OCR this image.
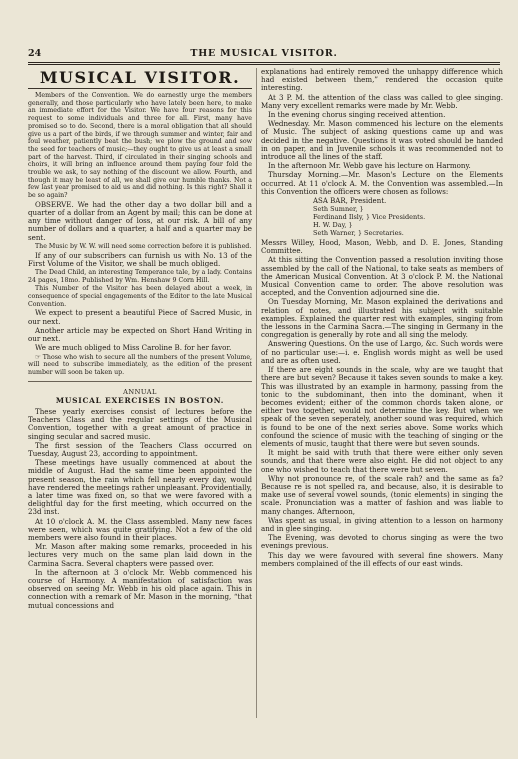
24	THE MUSICAL VISITOR.
MUSICAL VISITOR.

Members of the Convention. We do earnestly urge the members generally, and those particularly who have lately been here, to make an immediate effort for the Visitor. We have four reasons for this request to some individuals and three for all. First, many have promised so to do. Second, there is a moral obligation that all should give us a part of the birds, if we through summer and winter, fair and foul weather, patiently beat the bush; we plow the ground and sow the seed for teachers of music;—they ought to give us at least a small part of the harvest. Third, if circulated in their singing schools and choirs, it will bring an influence around them paying four fold the trouble we ask, to say nothing of the discount we allow. Fourth, and though it may be least of all, we shall give our humble thanks. Not a few last year promised to aid us and did nothing. Is this right? Shall it be so again?

OBSERVE. We had the other day a two dollar bill and a quarter of a dollar from an Agent by mail; this can be done at any time without danger of loss, at our risk. A bill of any number of dollars and a quarter, a half and a quarter may be sent.

The Music by W. W. will need some correction before it is published.

If any of our subscribers can furnish us with No. 13 of the First Volume of the Visitor, we shall be much obliged.

The Dead Child, an interesting Temperance tale, by a lady. Contains 24 pages, 18mo. Published by Wm. Henshaw 9 Corn Hill.

This Number of the Visitor has been delayed about a week, in consequence of special engagements of the Editor to the late Musical Convention.

We expect to present a beautiful Piece of Sacred Music, in our next.

Another article may be expected on Short Hand Writing in our next.

We are much obliged to Miss Caroline B. for her favor.

☞ Those who wish to secure all the numbers of the present Volume, will need to subscribe immediately, as the edition of the present number will soon be taken up.

ANNUAL
MUSICAL EXERCISES IN BOSTON.

These yearly exercises consist of lectures before the Teachers Class and the regular settings of the Musical Convention, together with a great amount of practice in singing secular and sacred music.

The first session of the Teachers Class occurred on Tuesday, August 23, according to appointment.

These meetings have usually commenced at about the middle of August. Had the same time been appointed the present season, the rain which fell nearly every day, would have rendered the meetings rather unpleasant. Providentially, a later time was fixed on, so that we were favored with a delightful day for the first meeting, which occurred on the 23d inst.

At 10 o'clock A. M. the Class assembled. Many new faces were seen, which was quite gratifying. Not a few of the old members were also found in their places.

Mr. Mason after making some remarks, proceeded in his lectures very much on the same plan laid down in the Carmina Sacra. Several chapters were passed over.

In the afternoon at 3 o'clock Mr. Webb commenced his course of Harmony. A manifestation of satisfaction was observed on seeing Mr. Webb in his old place again. This in connection with a remark of Mr. Mason in the morning, “that mutual concessions and

explanations had entirely removed the unhappy difference which had existed between them,” rendered the occasion quite interesting.

At 3 P. M. the attention of the class was called to glee singing. Many very excellent remarks were made by Mr. Webb.

In the evening chorus singing received attention.

Wednesday. Mr. Mason commenced his lecture on the elements of Music. The subject of asking questions came up and was decided in the negative. Questions it was voted should be handed in on paper, and in Juvenile schools it was recommended not to introduce all the lines of the staff.

In the afternoon Mr. Webb gave his lecture on Harmony.

Thursday Morning.—Mr. Mason's Lecture on the Elements occurred. At 11 o'clock A. M. the Convention was assembled.—In this Convention the officers were chosen as follows:

ASA BAR, President.
Seth Sumner, }
Ferdinand Ilsly, } Vice Presidents.
H. W. Day, }
Seth Warner, } Secretaries.

Messrs Willey, Hood, Mason, Webb, and D. E. Jones, Standing Committee.

At this sitting the Convention passed a resolution inviting those assembled by the call of the National, to take seats as members of the American Musical Convention. At 3 o'clock P. M. the National Musical Convention came to order. The above resolution was accepted, and the Convention adjourned sine die.

On Tuesday Morning, Mr. Mason explained the derivations and relation of notes, and illustrated his subject with suitable examples. Explained the quarter rest with examples, singing from the lessons in the Carmina Sacra.—The singing in Germany in the congregation is generally by rote and all sing the melody.

Answering Questions. On the use of Largo, &c. Such words were of no particular use:—i. e. English words might as well be used and are as often used.

If there are eight sounds in the scale, why are we taught that there are but seven? Because it takes seven sounds to make a key. This was illustrated by an example in harmony, passing from the tonic to the subdominant, then into the dominant, when it becomes evident; either of the common chords taken alone, or either two together, would not determine the key. But when we speak of the seven seperately, another sound was required, which is found to be one of the next series above. Some works which confound the science of music with the teaching of singing or the elements of music, taught that there were but seven sounds.

It might be said with truth that there were either only seven sounds, and that there were also eight. He did not object to any one who wished to teach that there were but seven.

Why not pronounce re, of the scale rah? and the same as fa? Because re is not spelled ra, and because, also, it is desirable to make use of several vowel sounds, (tonic elements) in singing the scale. Pronunciation was a matter of fashion and was liable to many changes. Afternoon,

Was spent as usual, in giving attention to a lesson on harmony and in glee singing.

The Evening, was devoted to chorus singing as were the two evenings previous.

This day we were favoured with several fine showers. Many members complained of the ill effects of our east winds.
